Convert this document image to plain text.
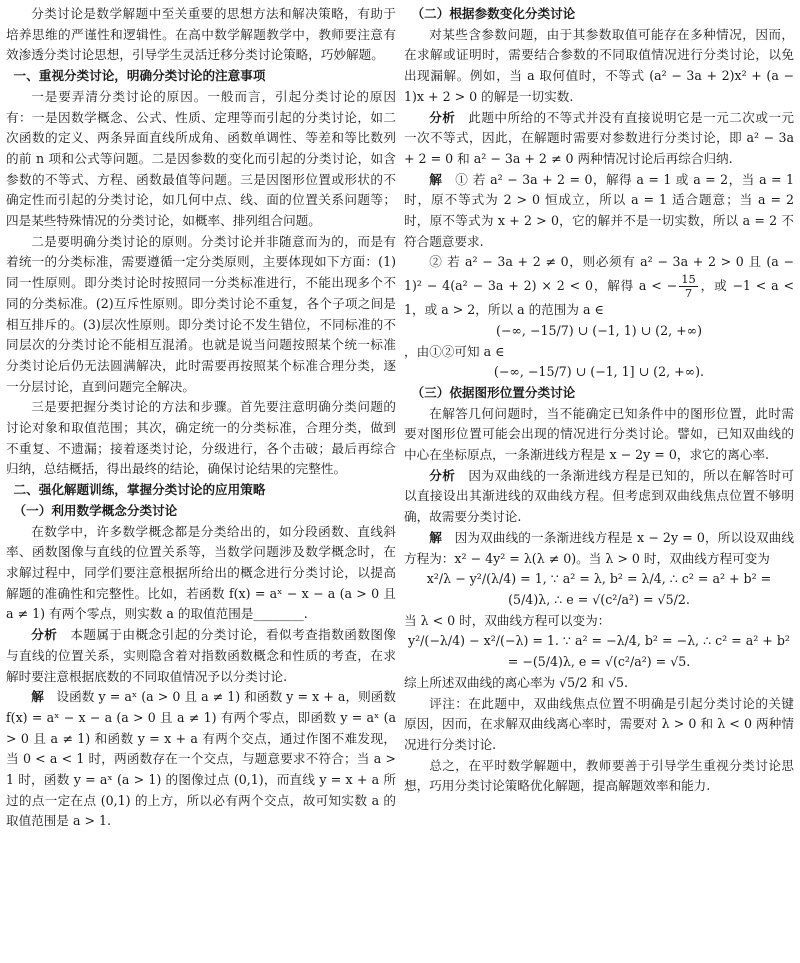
分类讨论是数学解题中至关重要的思想方法和解决策略，有助于培养思维的严谨性和逻辑性。在高中数学解题教学中，教师要注意有效渗透分类讨论思想，引导学生灵活迁移分类讨论策略，巧妙解题。

一、重视分类讨论，明确分类讨论的注意事项

一是要弄清分类讨论的原因。一般而言，引起分类讨论的原因有：一是因数学概念、公式、性质、定理等而引起的分类讨论，如二次函数的定义、两条异面直线所成角、函数单调性、等差和等比数列的前 n 项和公式等问题。二是因参数的变化而引起的分类讨论，如含参数的不等式、方程、函数最值等问题。三是因图形位置或形状的不确定性而引起的分类讨论，如几何中点、线、面的位置关系问题等；四是某些特殊情况的分类讨论，如概率、排列组合问题。

二是要明确分类讨论的原则。分类讨论并非随意而为的，而是有着统一的分类标准，需要遵循一定分类原则，主要体现如下方面：(1)同一性原则。即分类讨论时按照同一分类标准进行，不能出现多个不同的分类标准。(2)互斥性原则。即分类讨论不重复，各个子项之间是相互排斥的。(3)层次性原则。即分类讨论不发生错位，不同标准的不同层次的分类讨论不能相互混淆。也就是说当问题按照某个统一标准分类讨论后仍无法圆满解决，此时需要再按照某个标准合理分类，逐一分层讨论，直到问题完全解决。

三是要把握分类讨论的方法和步骤。首先要注意明确分类问题的讨论对象和取值范围；其次，确定统一的分类标准，合理分类，做到不重复、不遗漏；接着逐类讨论，分级进行，各个击破；最后再综合归纳，总结概括，得出最终的结论，确保讨论结果的完整性。

二、强化解题训练，掌握分类讨论的应用策略

（一）利用数学概念分类讨论

在数学中，许多数学概念都是分类给出的，如分段函数、直线斜率、函数图像与直线的位置关系等，当数学问题涉及数学概念时，在求解过程中，同学们要注意根据所给出的概念进行分类讨论，以提高解题的准确性和完整性。比如，若函数 f(x) = aˣ − x − a (a > 0 且 a ≠ 1) 有两个零点，则实数 a 的取值范围是________.

分析　 本题属于由概念引起的分类讨论，看似考查指数函数图像与直线的位置关系，实则隐含着对指数函数概念和性质的考查，在求解时要注意根据底数的不同取值情况予以分类讨论.

解　 设函数 y = aˣ (a > 0 且 a ≠ 1) 和函数 y = x + a，则函数 f(x) = aˣ − x − a (a > 0 且 a ≠ 1) 有两个零点，即函数 y = aˣ (a > 0 且 a ≠ 1) 和函数 y = x + a 有两个交点，通过作图不难发现，当 0 < a < 1 时，两函数存在一个交点，与题意要求不符合；当 a > 1 时，函数 y = aˣ (a > 1) 的图像过点 (0,1)，而直线 y = x + a 所过的点一定在点 (0,1) 的上方，所以必有两个交点，故可知实数 a 的取值范围是 a > 1.

（二）根据参数变化分类讨论

对某些含参数问题，由于其参数取值可能存在多种情况，因而，在求解或证明时，需要结合参数的不同取值情况进行分类讨论，以免出现漏解。例如，当 a 取何值时，不等式 (a² − 3a + 2)x² + (a − 1)x + 2 > 0 的解是一切实数.

分析　 此题中所给的不等式并没有直接说明它是一元二次或一元一次不等式，因此，在解题时需要对参数进行分类讨论，即 a² − 3a + 2 = 0 和 a² − 3a + 2 ≠ 0 两种情况讨论后再综合归纳.

解　 ① 若 a² − 3a + 2 = 0，解得 a = 1 或 a = 2，当 a = 1 时，原不等式为 2 > 0 恒成立，所以 a = 1 适合题意；当 a = 2 时，原不等式为 x + 2 > 0，它的解并不是一切实数，所以 a = 2 不符合题意要求.

② 若 a² − 3a + 2 ≠ 0，则必须有 a² − 3a + 2 > 0 且 (a − 1)² − 4(a² − 3a + 2) × 2 < 0，解得 a < − $\frac{15}{7}$ ，或 −1 < a < 1，或 a > 2，所以 a 的范围为 a ∈

(−∞, −15/7) ∪ (−1, 1) ∪ (2, +∞)

，由①②可知 a ∈

(−∞, −15/7) ∪ (−1, 1] ∪ (2, +∞).

（三）依据图形位置分类讨论

在解答几何问题时，当不能确定已知条件中的图形位置，此时需要对图形位置可能会出现的情况进行分类讨论。譬如，已知双曲线的中心在坐标原点，一条渐进线方程是 x − 2y = 0，求它的离心率.

分析　 因为双曲线的一条渐进线方程是已知的，所以在解答时可以直接设出其渐进线的双曲线方程。但考虑到双曲线焦点位置不够明确，故需要分类讨论.

解　 因为双曲线的一条渐进线方程是 x − 2y = 0，所以设双曲线方程为：x² − 4y² = λ(λ ≠ 0)。当 λ > 0 时，双曲线方程可变为

x²/λ − y²/(λ/4) = 1, ∵ a² = λ, b² = λ/4, ∴ c² = a² + b² = (5/4)λ, ∴ e = √(c²/a²) = √5/2.

当 λ < 0 时，双曲线方程可以变为：

y²/(−λ/4) − x²/(−λ) = 1. ∵ a² = −λ/4, b² = −λ, ∴ c² = a² + b² = −(5/4)λ, e = √(c²/a²) = √5.

综上所述双曲线的离心率为 √5/2 和 √5.

评注：在此题中，双曲线焦点位置不明确是引起分类讨论的关键原因，因而，在求解双曲线离心率时，需要对 λ > 0 和 λ < 0 两种情况进行分类讨论.

总之，在平时数学解题中，教师要善于引导学生重视分类讨论思想，巧用分类讨论策略优化解题，提高解题效率和能力.
